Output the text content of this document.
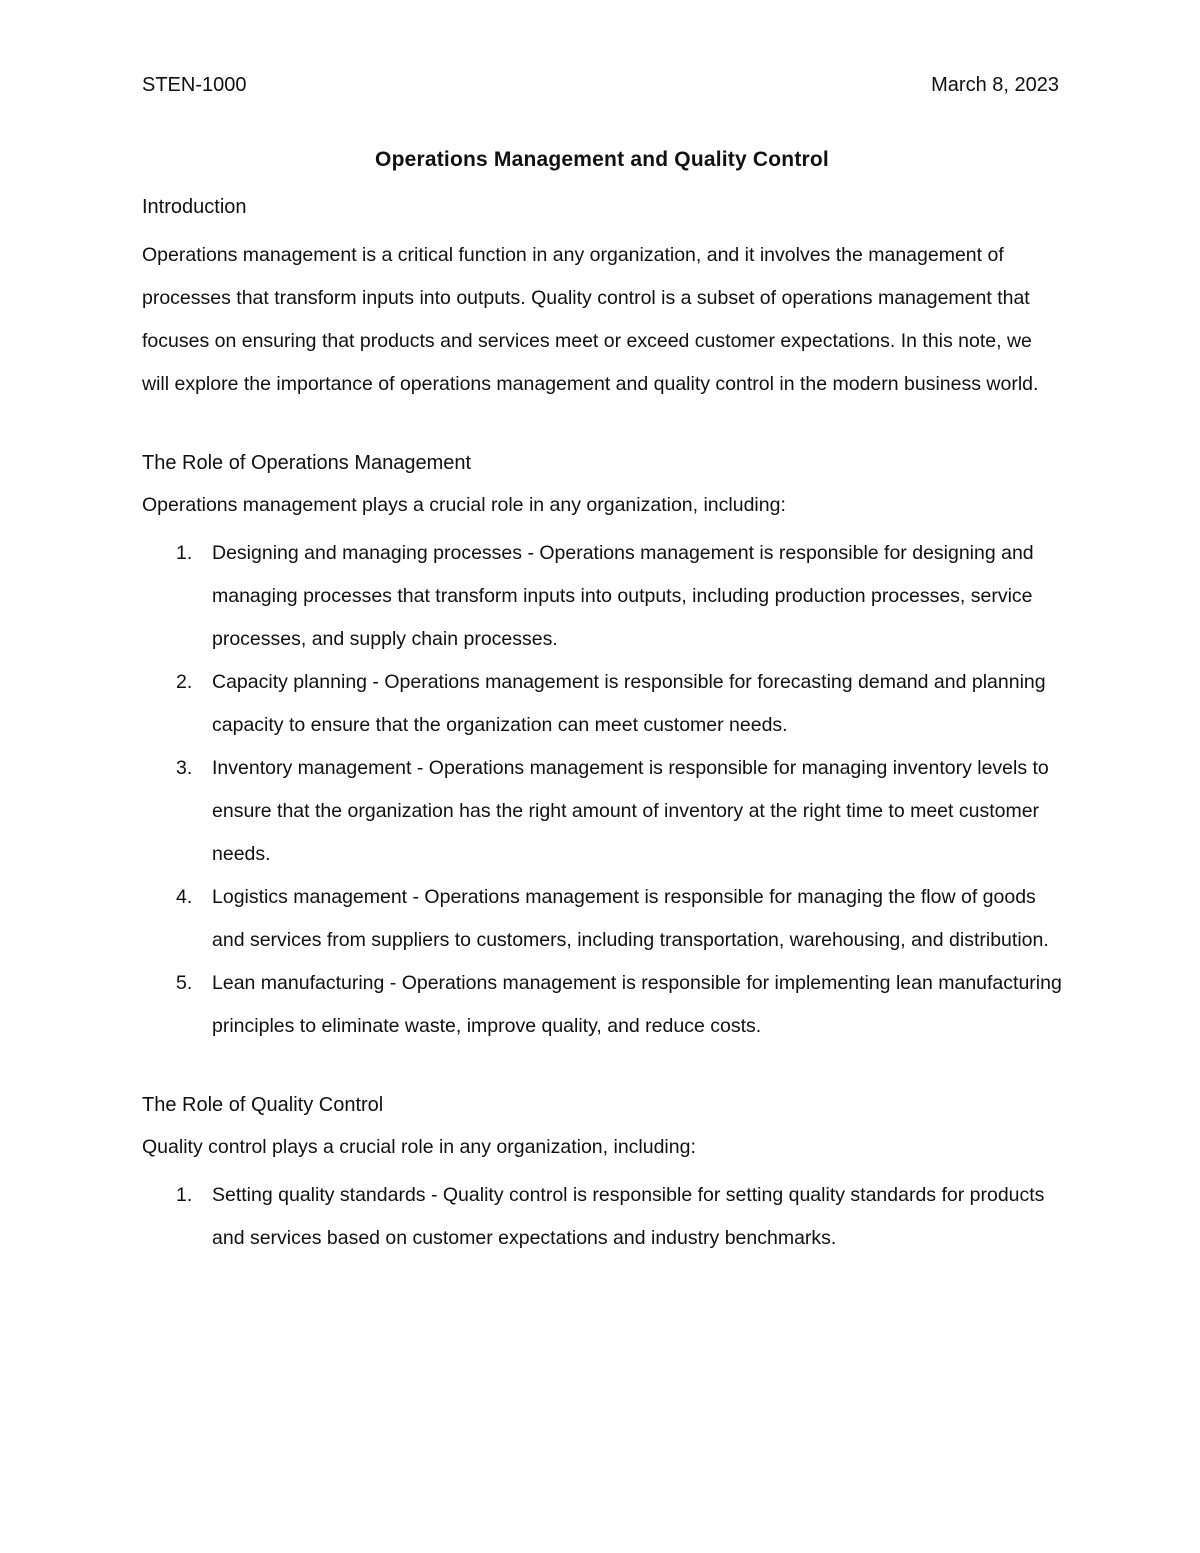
STEN-1000	March 8, 2023
Operations Management and Quality Control
Introduction

Operations management is a critical function in any organization, and it involves the management of processes that transform inputs into outputs. Quality control is a subset of operations management that focuses on ensuring that products and services meet or exceed customer expectations. In this note, we will explore the importance of operations management and quality control in the modern business world.

The Role of Operations Management
Operations management plays a crucial role in any organization, including:
1. Designing and managing processes - Operations management is responsible for designing and managing processes that transform inputs into outputs, including production processes, service processes, and supply chain processes.
2. Capacity planning - Operations management is responsible for forecasting demand and planning capacity to ensure that the organization can meet customer needs.
3. Inventory management - Operations management is responsible for managing inventory levels to ensure that the organization has the right amount of inventory at the right time to meet customer needs.
4. Logistics management - Operations management is responsible for managing the flow of goods and services from suppliers to customers, including transportation, warehousing, and distribution.
5. Lean manufacturing - Operations management is responsible for implementing lean manufacturing principles to eliminate waste, improve quality, and reduce costs.
The Role of Quality Control
Quality control plays a crucial role in any organization, including:
1. Setting quality standards - Quality control is responsible for setting quality standards for products and services based on customer expectations and industry benchmarks.
